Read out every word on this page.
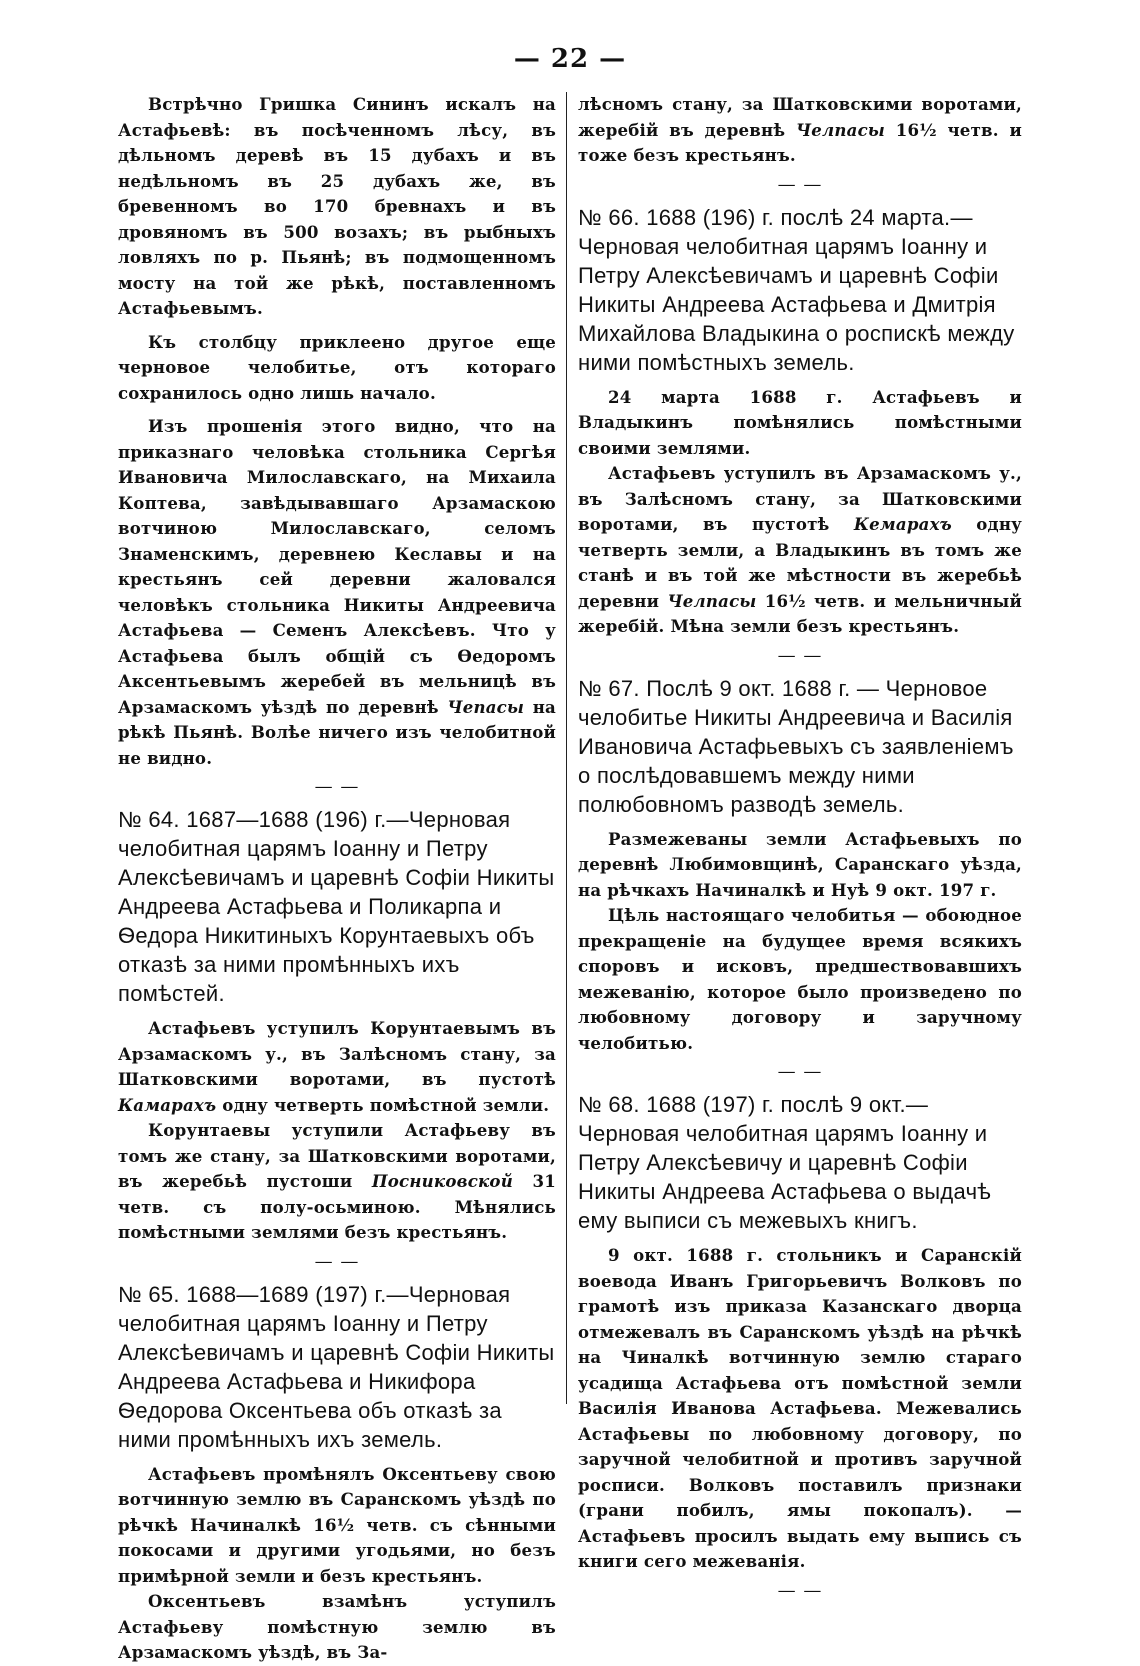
— 22 —

Встрѣчно Гришка Сининъ искалъ на Астафьевѣ: въ посѣченномъ лѣсу, въ дѣльномъ деревѣ въ 15 дубахъ и въ недѣльномъ въ 25 дубахъ же, въ бревенномъ во 170 бревнахъ и въ дровяномъ въ 500 возахъ; въ рыбныхъ ловляхъ по р. Пьянѣ; въ подмощенномъ мосту на той же рѣкѣ, поставленномъ Астафьевымъ.

Къ столбцу приклеено другое еще черновое челобитье, отъ котораго сохранилось одно лишь начало.

Изъ прошенія этого видно, что на приказнаго человѣка стольника Сергѣя Ивановича Милославскаго, на Михаила Коптева, завѣдывавшаго Арзамаскою вотчиною Милославскаго, селомъ Знаменскимъ, деревнею Кеславы и на крестьянъ сей деревни жаловался человѣкъ стольника Никиты Андреевича Астафьева — Семенъ Алексѣевъ. Что у Астафьева былъ общій съ Ѳедоромъ Аксентьевымъ жеребей въ мельницѣ въ Арзамаскомъ уѣздѣ по деревнѣ Чепасы на рѣкѣ Пьянѣ. Волѣе ничего изъ челобитной не видно.

— —

№ 64. 1687—1688 (196) г.—Черновая челобитная царямъ Іоанну и Петру Алексѣевичамъ и царевнѣ Софіи Никиты Андреева Астафьева и Поликарпа и Ѳедора Никитиныхъ Корунтаевыхъ объ отказѣ за ними промѣнныхъ ихъ помѣстей.

Астафьевъ уступилъ Корунтаевымъ въ Арзамаскомъ у., въ Залѣсномъ стану, за Шатковскими воротами, въ пустотѣ Камарахъ одну четверть помѣстной земли.

Корунтаевы уступили Астафьеву въ томъ же стану, за Шатковскими воротами, въ жеребьѣ пустоши Посниковской 31 четв. съ полу-осьминою. Мѣнялись помѣстными землями безъ крестьянъ.

— —

№ 65. 1688—1689 (197) г.—Черновая челобитная царямъ Іоанну и Петру Алексѣевичамъ и царевнѣ Софіи Никиты Андреева Астафьева и Никифора Ѳедорова Оксентьева объ отказѣ за ними промѣнныхъ ихъ земель.

Астафьевъ промѣнялъ Оксентьеву свою вотчинную землю въ Саранскомъ уѣздѣ по рѣчкѣ Начиналкѣ 16½ четв. съ сѣнными покосами и другими угодьями, но безъ примѣрной земли и безъ крестьянъ.

Оксентьевъ взамѣнъ уступилъ Астафьеву помѣстную землю въ Арзамаскомъ уѣздѣ, въ За-

лѣсномъ стану, за Шатковскими воротами, жеребій въ деревнѣ Челпасы 16½ четв. и тоже безъ крестьянъ.

— —

№ 66. 1688 (196) г. послѣ 24 марта.— Черновая челобитная царямъ Іоанну и Петру Алексѣевичамъ и царевнѣ Софіи Никиты Андреева Астафьева и Дмитрія Михайлова Владыкина о роспискѣ между ними помѣстныхъ земель.

24 марта 1688 г. Астафьевъ и Владыкинъ помѣнялись помѣстными своими землями.

Астафьевъ уступилъ въ Арзамаскомъ у., въ Залѣсномъ стану, за Шатковскими воротами, въ пустотѣ Кемарахъ одну четверть земли, а Владыкинъ въ томъ же станѣ и въ той же мѣстности въ жеребьѣ деревни Челпасы 16½ четв. и мельничный жеребій. Мѣна земли безъ крестьянъ.

— —

№ 67. Послѣ 9 окт. 1688 г. — Черновое челобитье Никиты Андреевича и Василія Ивановича Астафьевыхъ съ заявленіемъ о послѣдовавшемъ между ними полюбовномъ разводѣ земель.

Размежеваны земли Астафьевыхъ по деревнѣ Любимовщинѣ, Саранскаго уѣзда, на рѣчкахъ Начиналкѣ и Нуѣ 9 окт. 197 г.

Цѣль настоящаго челобитья — обоюдное прекращеніе на будущее время всякихъ споровъ и исковъ, предшествовавшихъ межеванію, которое было произведено по любовному договору и заручному челобитью.

— —

№ 68. 1688 (197) г. послѣ 9 окт.—Черновая челобитная царямъ Іоанну и Петру Алексѣевичу и царевнѣ Софіи Никиты Андреева Астафьева о выдачѣ ему выписи съ межевыхъ книгъ.

9 окт. 1688 г. стольникъ и Саранскій воевода Иванъ Григорьевичъ Волковъ по грамотѣ изъ приказа Казанскаго дворца отмежевалъ въ Саранскомъ уѣздѣ на рѣчкѣ на Чиналкѣ вотчинную землю стараго усадища Астафьева отъ помѣстной земли Василія Иванова Астафьева. Межевались Астафьевы по любовному договору, по заручной челобитной и противъ заручной росписи. Волковъ поставилъ признаки (грани побилъ, ямы покопалъ). — Астафьевъ просилъ выдать ему выпись съ книги сего межеванія.

— —
